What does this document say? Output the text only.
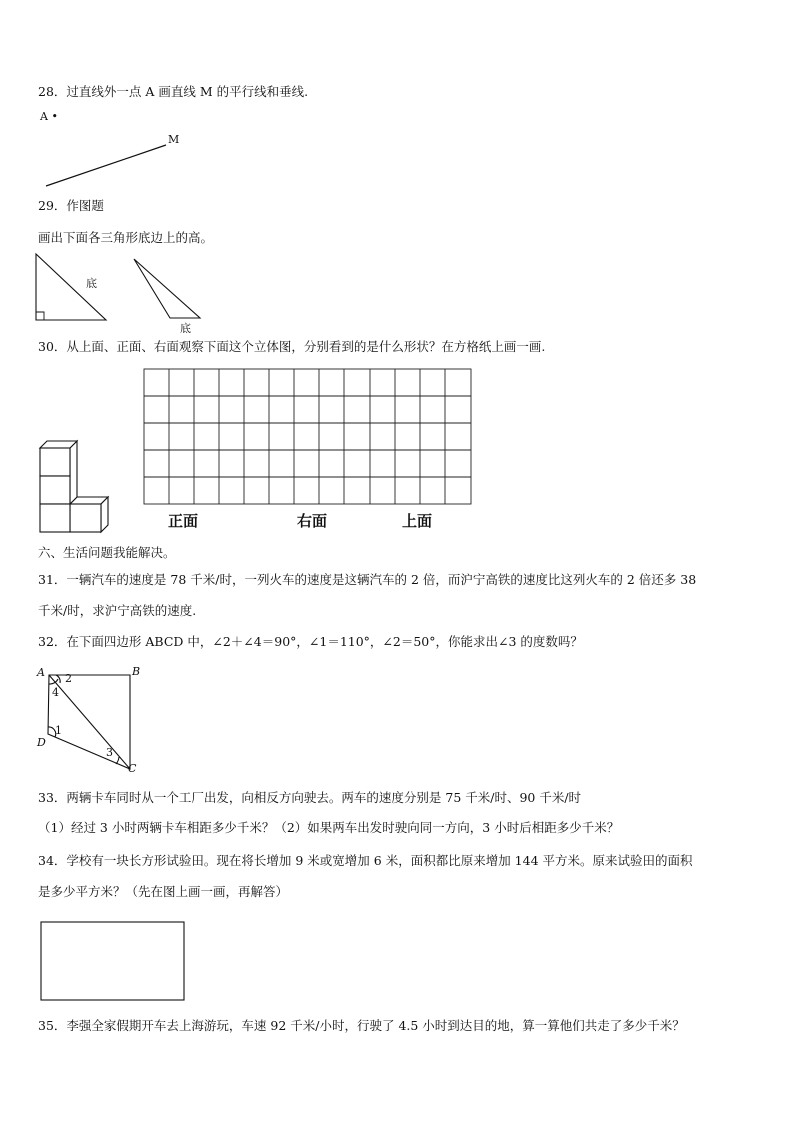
28．过直线外一点 A 画直线 M 的平行线和垂线.
A •
M
29．作图题
画出下面各三角形底边上的高。
底
底
30．从上面、正面、右面观察下面这个立体图，分别看到的是什么形状？在方格纸上画一画.
正面	右面	上面
六、生活问题我能解决。
31．一辆汽车的速度是 78 千米/时，一列火车的速度是这辆汽车的 2 倍，而沪宁高铁的速度比这列火车的 2 倍还多 38
千米/时，求沪宁高铁的速度.
32．在下面四边形 ABCD 中，∠2＋∠4＝90°，∠1＝110°，∠2＝50°，你能求出∠3 的度数吗？
A	B
C
D
1
2
3
4
33．两辆卡车同时从一个工厂出发，向相反方向驶去。两车的速度分别是 75 千米/时、90 千米/时
（1）经过 3 小时两辆卡车相距多少千米？（2）如果两车出发时驶向同一方向，3 小时后相距多少千米？
34．学校有一块长方形试验田。现在将长增加 9 米或宽增加 6 米，面积都比原来增加 144 平方米。原来试验田的面积
是多少平方米？（先在图上画一画，再解答）
35．李强全家假期开车去上海游玩，车速 92 千米/小时，行驶了 4.5 小时到达目的地，算一算他们共走了多少千米？
